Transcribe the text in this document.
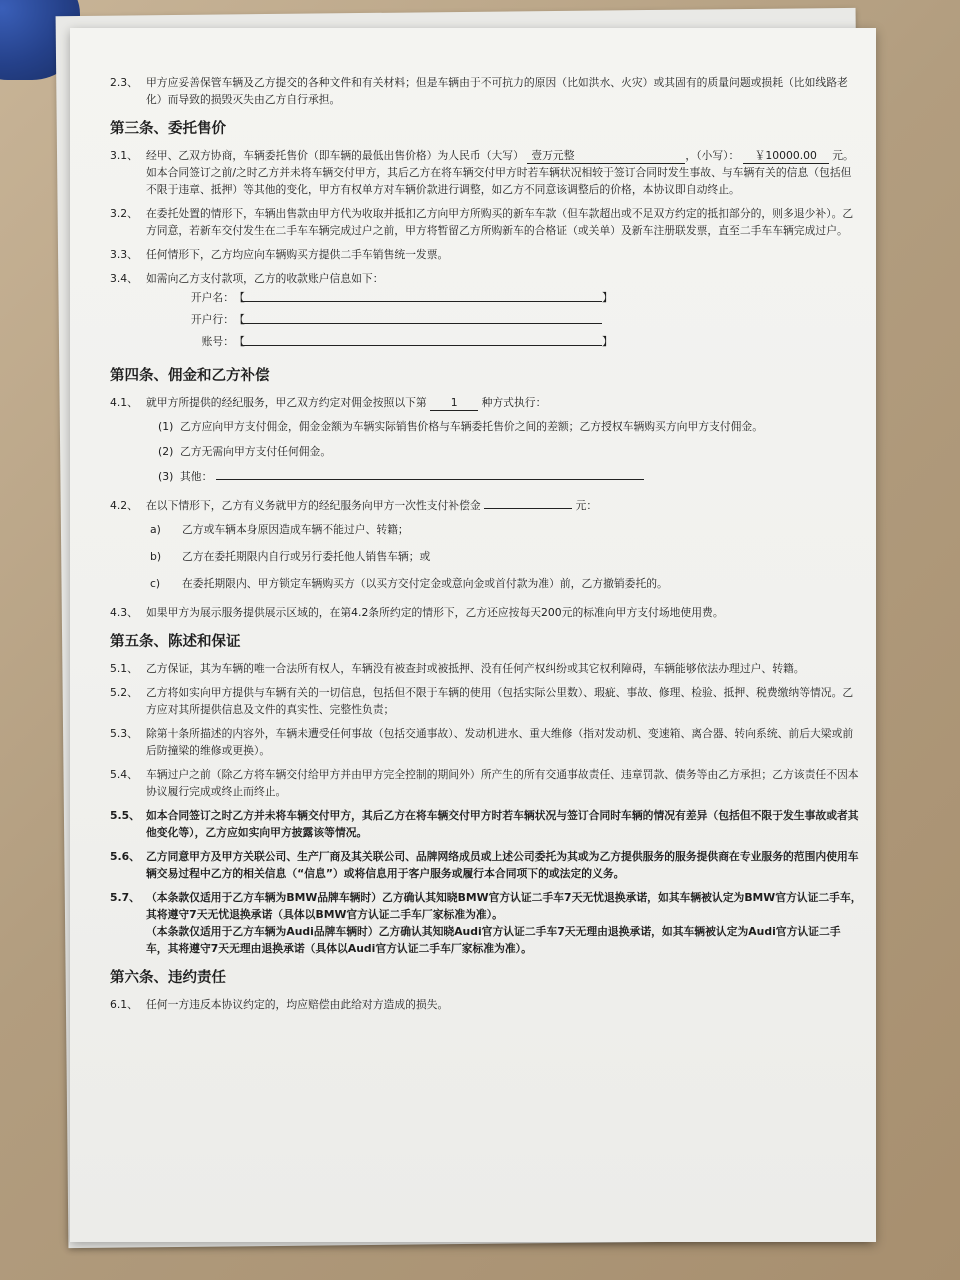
2.3、 甲方应妥善保管车辆及乙方提交的各种文件和有关材料；但是车辆由于不可抗力的原因（比如洪水、火灾）或其固有的质量问题或损耗（比如线路老化）而导致的损毁灭失由乙方自行承担。
第三条、委托售价
3.1、 经甲、乙双方协商，车辆委托售价（即车辆的最低出售价格）为人民币（大写） 壹万元整	，（小写）： ￥10000.00 元。如本合同签订之前/之时乙方并未将车辆交付甲方，其后乙方在将车辆交付甲方时若车辆状况相较于签订合同时发生事故、与车辆有关的信息（包括但不限于违章、抵押）等其他的变化，甲方有权单方对车辆价款进行调整，如乙方不同意该调整后的价格，本协议即自动终止。
3.2、 在委托处置的情形下，车辆出售款由甲方代为收取并抵扣乙方向甲方所购买的新车车款（但车款超出或不足双方约定的抵扣部分的，则多退少补）。乙方同意，若新车交付发生在二手车车辆完成过户之前，甲方将暂留乙方所购新车的合格证（或关单）及新车注册联发票，直至二手车车辆完成过户。
3.3、 任何情形下，乙方均应向车辆购买方提供二手车销售统一发票。
3.4、 如需向乙方支付款项，乙方的收款账户信息如下：
开户名： 【	】
开户行： 【
账号： 【	】
第四条、佣金和乙方补偿
4.1、 就甲方所提供的经纪服务，甲乙双方约定对佣金按照以下第 1 种方式执行：
(1) 乙方应向甲方支付佣金，佣金金额为车辆实际销售价格与车辆委托售价之间的差额；乙方授权车辆购买方向甲方支付佣金。
(2) 乙方无需向甲方支付任何佣金。
(3) 其他：
4.2、 在以下情形下，乙方有义务就甲方的经纪服务向甲方一次性支付补偿金	元：
a) 乙方或车辆本身原因造成车辆不能过户、转籍；
b) 乙方在委托期限内自行或另行委托他人销售车辆；或
c) 在委托期限内、甲方锁定车辆购买方（以买方交付定金或意向金或首付款为准）前，乙方撤销委托的。
4.3、 如果甲方为展示服务提供展示区域的，在第4.2条所约定的情形下，乙方还应按每天200元的标准向甲方支付场地使用费。
第五条、陈述和保证
5.1、 乙方保证，其为车辆的唯一合法所有权人，车辆没有被查封或被抵押、没有任何产权纠纷或其它权利障碍，车辆能够依法办理过户、转籍。
5.2、 乙方将如实向甲方提供与车辆有关的一切信息，包括但不限于车辆的使用（包括实际公里数）、瑕疵、事故、修理、检验、抵押、税费缴纳等情况。乙方应对其所提供信息及文件的真实性、完整性负责；
5.3、 除第十条所描述的内容外，车辆未遭受任何事故（包括交通事故）、发动机进水、重大维修（指对发动机、变速箱、离合器、转向系统、前后大梁或前后防撞梁的维修或更换）。
5.4、 车辆过户之前（除乙方将车辆交付给甲方并由甲方完全控制的期间外）所产生的所有交通事故责任、违章罚款、债务等由乙方承担；乙方该责任不因本协议履行完成或终止而终止。
5.5、 如本合同签订之时乙方并未将车辆交付甲方，其后乙方在将车辆交付甲方时若车辆状况与签订合同时车辆的情况有差异（包括但不限于发生事故或者其他变化等），乙方应如实向甲方披露该等情况。
5.6、 乙方同意甲方及甲方关联公司、生产厂商及其关联公司、品牌网络成员或上述公司委托为其或为乙方提供服务的服务提供商在专业服务的范围内使用车辆交易过程中乙方的相关信息（“信息”）或将信息用于客户服务或履行本合同项下的或法定的义务。
5.7、 （本条款仅适用于乙方车辆为BMW品牌车辆时）乙方确认其知晓BMW官方认证二手车7天无忧退换承诺，如其车辆被认定为BMW官方认证二手车，其将遵守7天无忧退换承诺（具体以BMW官方认证二手车厂家标准为准）。
（本条款仅适用于乙方车辆为Audi品牌车辆时）乙方确认其知晓Audi官方认证二手车7天无理由退换承诺，如其车辆被认定为Audi官方认证二手车，其将遵守7天无理由退换承诺（具体以Audi官方认证二手车厂家标准为准）。
第六条、违约责任
6.1、 任何一方违反本协议约定的，均应赔偿由此给对方造成的损失。
